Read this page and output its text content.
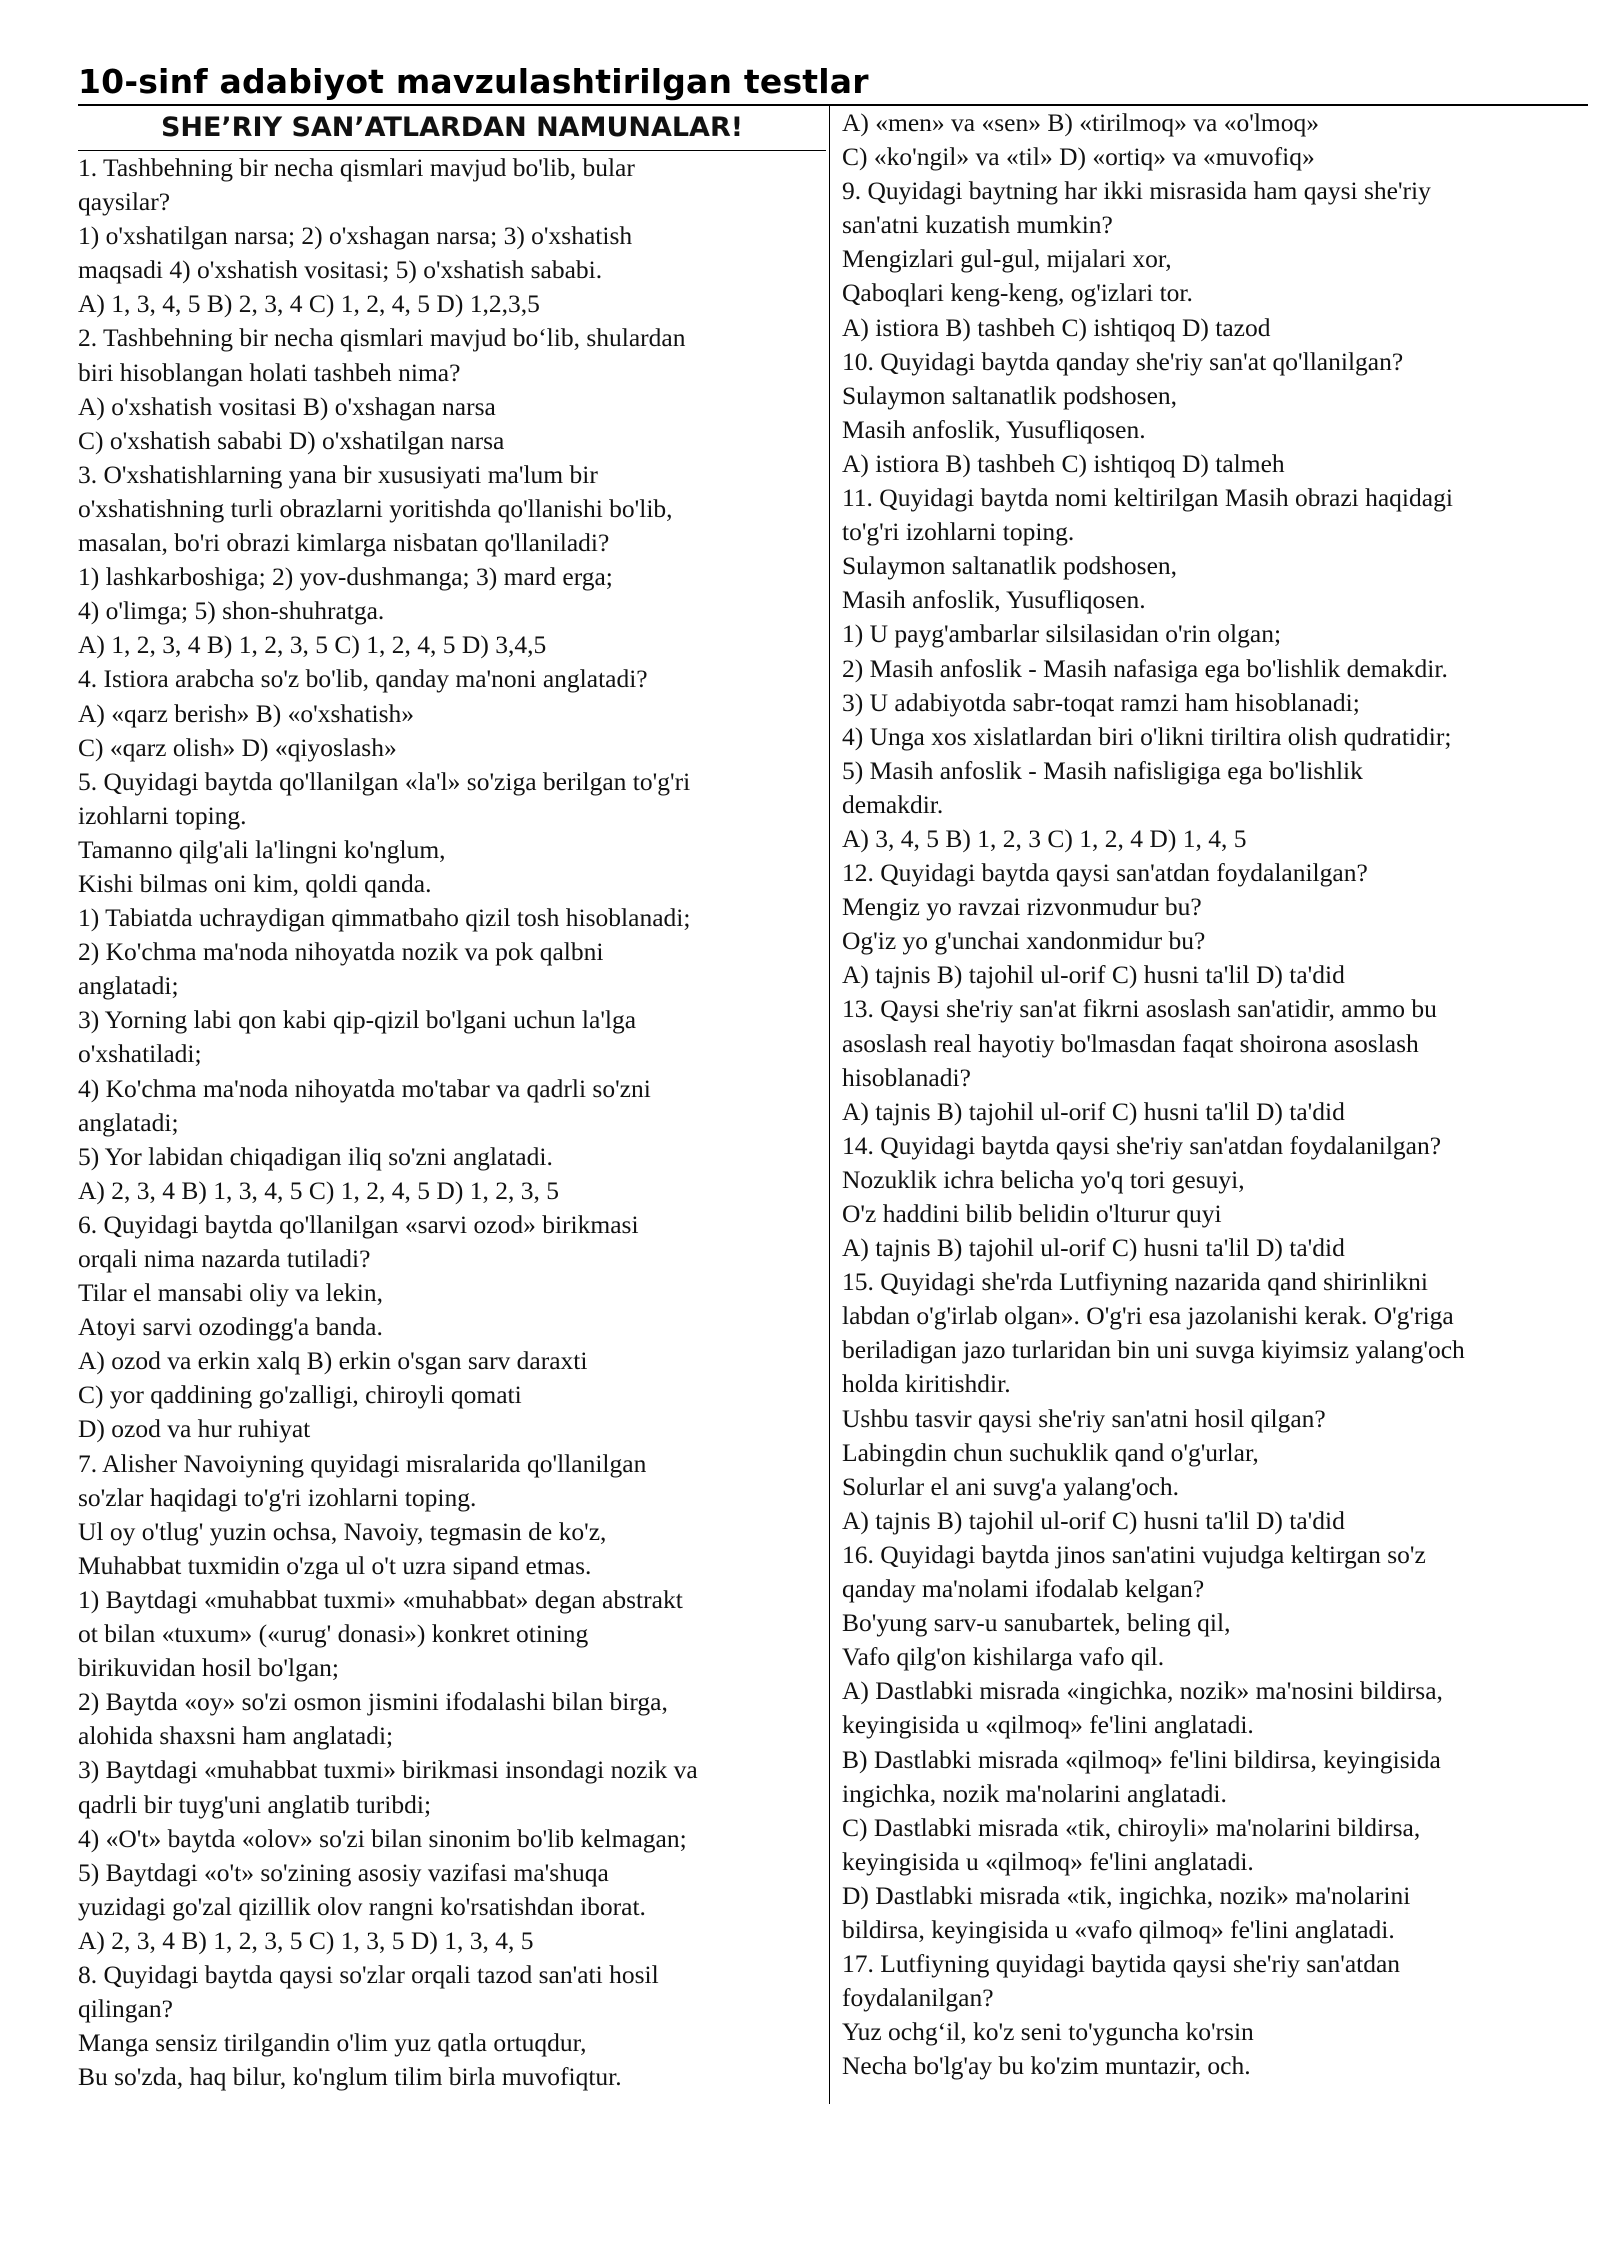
10-sinf adabiyot mavzulashtirilgan testlar
SHE’RIY SAN’ATLARDAN NAMUNALAR!
1. Tashbehning bir necha qismlari mavjud bo'lib, bular
qaysilar?
1) o'xshatilgan narsa; 2) o'xshagan narsa; 3) o'xshatish
maqsadi 4) o'xshatish vositasi; 5) o'xshatish sababi.
A) 1, 3, 4, 5 B) 2, 3, 4 C) 1, 2, 4, 5 D) 1,2,3,5
2. Tashbehning bir necha qismlari mavjud bo‘lib, shulardan
biri hisoblangan holati tashbeh nima?
A) o'xshatish vositasi B) o'xshagan narsa
C) o'xshatish sababi D) o'xshatilgan narsa
3. O'xshatishlarning yana bir xususiyati ma'lum bir
o'xshatishning turli obrazlarni yoritishda qo'llanishi bo'lib,
masalan, bo'ri obrazi kimlarga nisbatan qo'llaniladi?
1) lashkarboshiga; 2) yov-dushmanga; 3) mard erga;
4) o'limga; 5) shon-shuhratga.
A) 1, 2, 3, 4 B) 1, 2, 3, 5 C) 1, 2, 4, 5 D) 3,4,5
4. Istiora arabcha so'z bo'lib, qanday ma'noni anglatadi?
A) «qarz berish» B) «o'xshatish»
C) «qarz olish» D) «qiyoslash»
5. Quyidagi baytda qo'llanilgan «la'l» so'ziga berilgan to'g'ri
izohlarni toping.
Tamanno qilg'ali la'lingni ko'nglum,
Kishi bilmas oni kim, qoldi qanda.
1) Tabiatda uchraydigan qimmatbaho qizil tosh hisoblanadi;
2) Ko'chma ma'noda nihoyatda nozik va pok qalbni
anglatadi;
3) Yorning labi qon kabi qip-qizil bo'lgani uchun la'lga
o'xshatiladi;
4) Ko'chma ma'noda nihoyatda mo'tabar va qadrli so'zni
anglatadi;
5) Yor labidan chiqadigan iliq so'zni anglatadi.
A) 2, 3, 4 B) 1, 3, 4, 5 C) 1, 2, 4, 5 D) 1, 2, 3, 5
6. Quyidagi baytda qo'llanilgan «sarvi ozod» birikmasi
orqali nima nazarda tutiladi?
Tilar el mansabi oliy va lekin,
Atoyi sarvi ozodingg'a banda.
A) ozod va erkin xalq B) erkin o'sgan sarv daraxti
C) yor qaddining go'zalligi, chiroyli qomati
D) ozod va hur ruhiyat
7. Alisher Navoiyning quyidagi misralarida qo'llanilgan
so'zlar haqidagi to'g'ri izohlarni toping.
Ul oy o'tlug' yuzin ochsa, Navoiy, tegmasin de ko'z,
Muhabbat tuxmidin o'zga ul o't uzra sipand etmas.
1) Baytdagi «muhabbat tuxmi» «muhabbat» degan abstrakt
ot bilan «tuxum» («urug' donasi») konkret otining
birikuvidan hosil bo'lgan;
2) Baytda «oy» so'zi osmon jismini ifodalashi bilan birga,
alohida shaxsni ham anglatadi;
3) Baytdagi «muhabbat tuxmi» birikmasi insondagi nozik va
qadrli bir tuyg'uni anglatib turibdi;
4) «O't» baytda «olov» so'zi bilan sinonim bo'lib kelmagan;
5) Baytdagi «o't» so'zining asosiy vazifasi ma'shuqa
yuzidagi go'zal qizillik olov rangni ko'rsatishdan iborat.
A) 2, 3, 4 B) 1, 2, 3, 5 C) 1, 3, 5 D) 1, 3, 4, 5
8. Quyidagi baytda qaysi so'zlar orqali tazod san'ati hosil
qilingan?
Manga sensiz tirilgandin o'lim yuz qatla ortuqdur,
Bu so'zda, haq bilur, ko'nglum tilim birla muvofiqtur.
A) «men» va «sen» B) «tirilmoq» va «o'lmoq»
C) «ko'ngil» va «til» D) «ortiq» va «muvofiq»
9. Quyidagi baytning har ikki misrasida ham qaysi she'riy
san'atni kuzatish mumkin?
Mengizlari gul-gul, mijalari xor,
Qaboqlari keng-keng, og'izlari tor.
A) istiora B) tashbeh C) ishtiqoq D) tazod
10. Quyidagi baytda qanday she'riy san'at qo'llanilgan?
Sulaymon saltanatlik podshosen,
Masih anfoslik, Yusufliqosen.
A) istiora B) tashbeh C) ishtiqoq D) talmeh
11. Quyidagi baytda nomi keltirilgan Masih obrazi haqidagi
to'g'ri izohlarni toping.
Sulaymon saltanatlik podshosen,
Masih anfoslik, Yusufliqosen.
1) U payg'ambarlar silsilasidan o'rin olgan;
2) Masih anfoslik - Masih nafasiga ega bo'lishlik demakdir.
3) U adabiyotda sabr-toqat ramzi ham hisoblanadi;
4) Unga xos xislatlardan biri o'likni tiriltira olish qudratidir;
5) Masih anfoslik - Masih nafisligiga ega bo'lishlik
demakdir.
A) 3, 4, 5 B) 1, 2, 3 C) 1, 2, 4 D) 1, 4, 5
12. Quyidagi baytda qaysi san'atdan foydalanilgan?
Mengiz yo ravzai rizvonmudur bu?
Og'iz yo g'unchai xandonmidur bu?
A) tajnis B) tajohil ul-orif C) husni ta'lil D) ta'did
13. Qaysi she'riy san'at fikrni asoslash san'atidir, ammo bu
asoslash real hayotiy bo'lmasdan faqat shoirona asoslash
hisoblanadi?
A) tajnis B) tajohil ul-orif C) husni ta'lil D) ta'did
14. Quyidagi baytda qaysi she'riy san'atdan foydalanilgan?
Nozuklik ichra belicha yo'q tori gesuyi,
O'z haddini bilib belidin o'lturur quyi
A) tajnis B) tajohil ul-orif C) husni ta'lil D) ta'did
15. Quyidagi she'rda Lutfiyning nazarida qand shirinlikni
labdan o'g'irlab olgan». O'g'ri esa jazolanishi kerak. O'g'riga
beriladigan jazo turlaridan bin uni suvga kiyimsiz yalang'och
holda kiritishdir.
Ushbu tasvir qaysi she'riy san'atni hosil qilgan?
Labingdin chun suchuklik qand o'g'urlar,
Solurlar el ani suvg'a yalang'och.
A) tajnis B) tajohil ul-orif C) husni ta'lil D) ta'did
16. Quyidagi baytda jinos san'atini vujudga keltirgan so'z
qanday ma'nolami ifodalab kelgan?
Bo'yung sarv-u sanubartek, beling qil,
Vafo qilg'on kishilarga vafo qil.
A) Dastlabki misrada «ingichka, nozik» ma'nosini bildirsa,
keyingisida u «qilmoq» fe'lini anglatadi.
B) Dastlabki misrada «qilmoq» fe'lini bildirsa, keyingisida
ingichka, nozik ma'nolarini anglatadi.
C) Dastlabki misrada «tik, chiroyli» ma'nolarini bildirsa,
keyingisida u «qilmoq» fe'lini anglatadi.
D) Dastlabki misrada «tik, ingichka, nozik» ma'nolarini
bildirsa, keyingisida u «vafo qilmoq» fe'lini anglatadi.
17. Lutfiyning quyidagi baytida qaysi she'riy san'atdan
foydalanilgan?
Yuz ochg‘il, ko'z seni to'ygunchа ko'rsin
Necha bo'lg'ay bu ko'zim muntazir, och.
